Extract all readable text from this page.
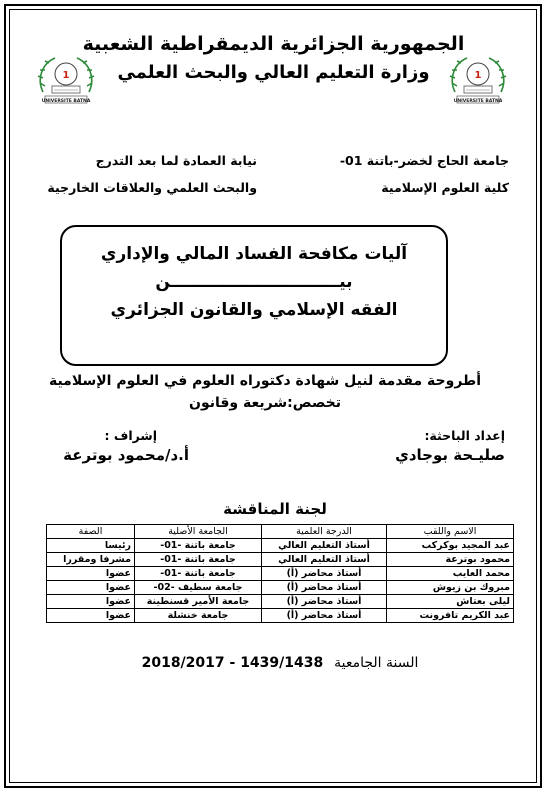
الجمهورية الجزائرية الديمقراطية الشعبية
وزارة التعليم العالي والبحث العلمي
1
UNIVERSITE BATNA
1
UNIVERSITE BATNA
جامعة الحاج لخضر-باتنة 01-
كلية العلوم الإسلامية
نيابة العمادة لما بعد التدرج
والبحث العلمي والعلاقات الخارجية
آليات مكافحة الفساد المالي والإداري
بيـــــــــــــــــــــــــــــن
الفقه الإسلامي والقانون الجزائري
أطروحة مقدمة لنيل شهادة دكتوراه العلوم في العلوم الإسلامية
تخصص:شريعة وقانون
إعداد الباحثة:
صليـحة بوجادي
إشراف :
أ.د/محمود بوترعة
لجنة المناقشة
الاسم واللقب	الدرجة العلمية	الجامعة الأصلية	الصفة
عبد المجيد بوكركب	أستاذ التعليم العالي	جامعة باتنة -01-	رئيسا
محمود بوترعة	أستاذ التعليم العالي	جامعة باتنة -01-	مشرفا ومقررا
محمد العايب	أستاذ محاضر (أ)	جامعة باتنة -01-	عضوا
مبروك بن زيوش	أستاذ محاضر (أ)	جامعة سطيف -02-	عضوا
ليلى بعتاش	أستاذ محاضر (أ)	جامعة الأمير قسنطينة	عضوا
عبد الكريم تافرونت	أستاذ محاضر (أ)	جامعة خنشلة	عضوا
2018/2017 - 1439/1438 السنة الجامعية
